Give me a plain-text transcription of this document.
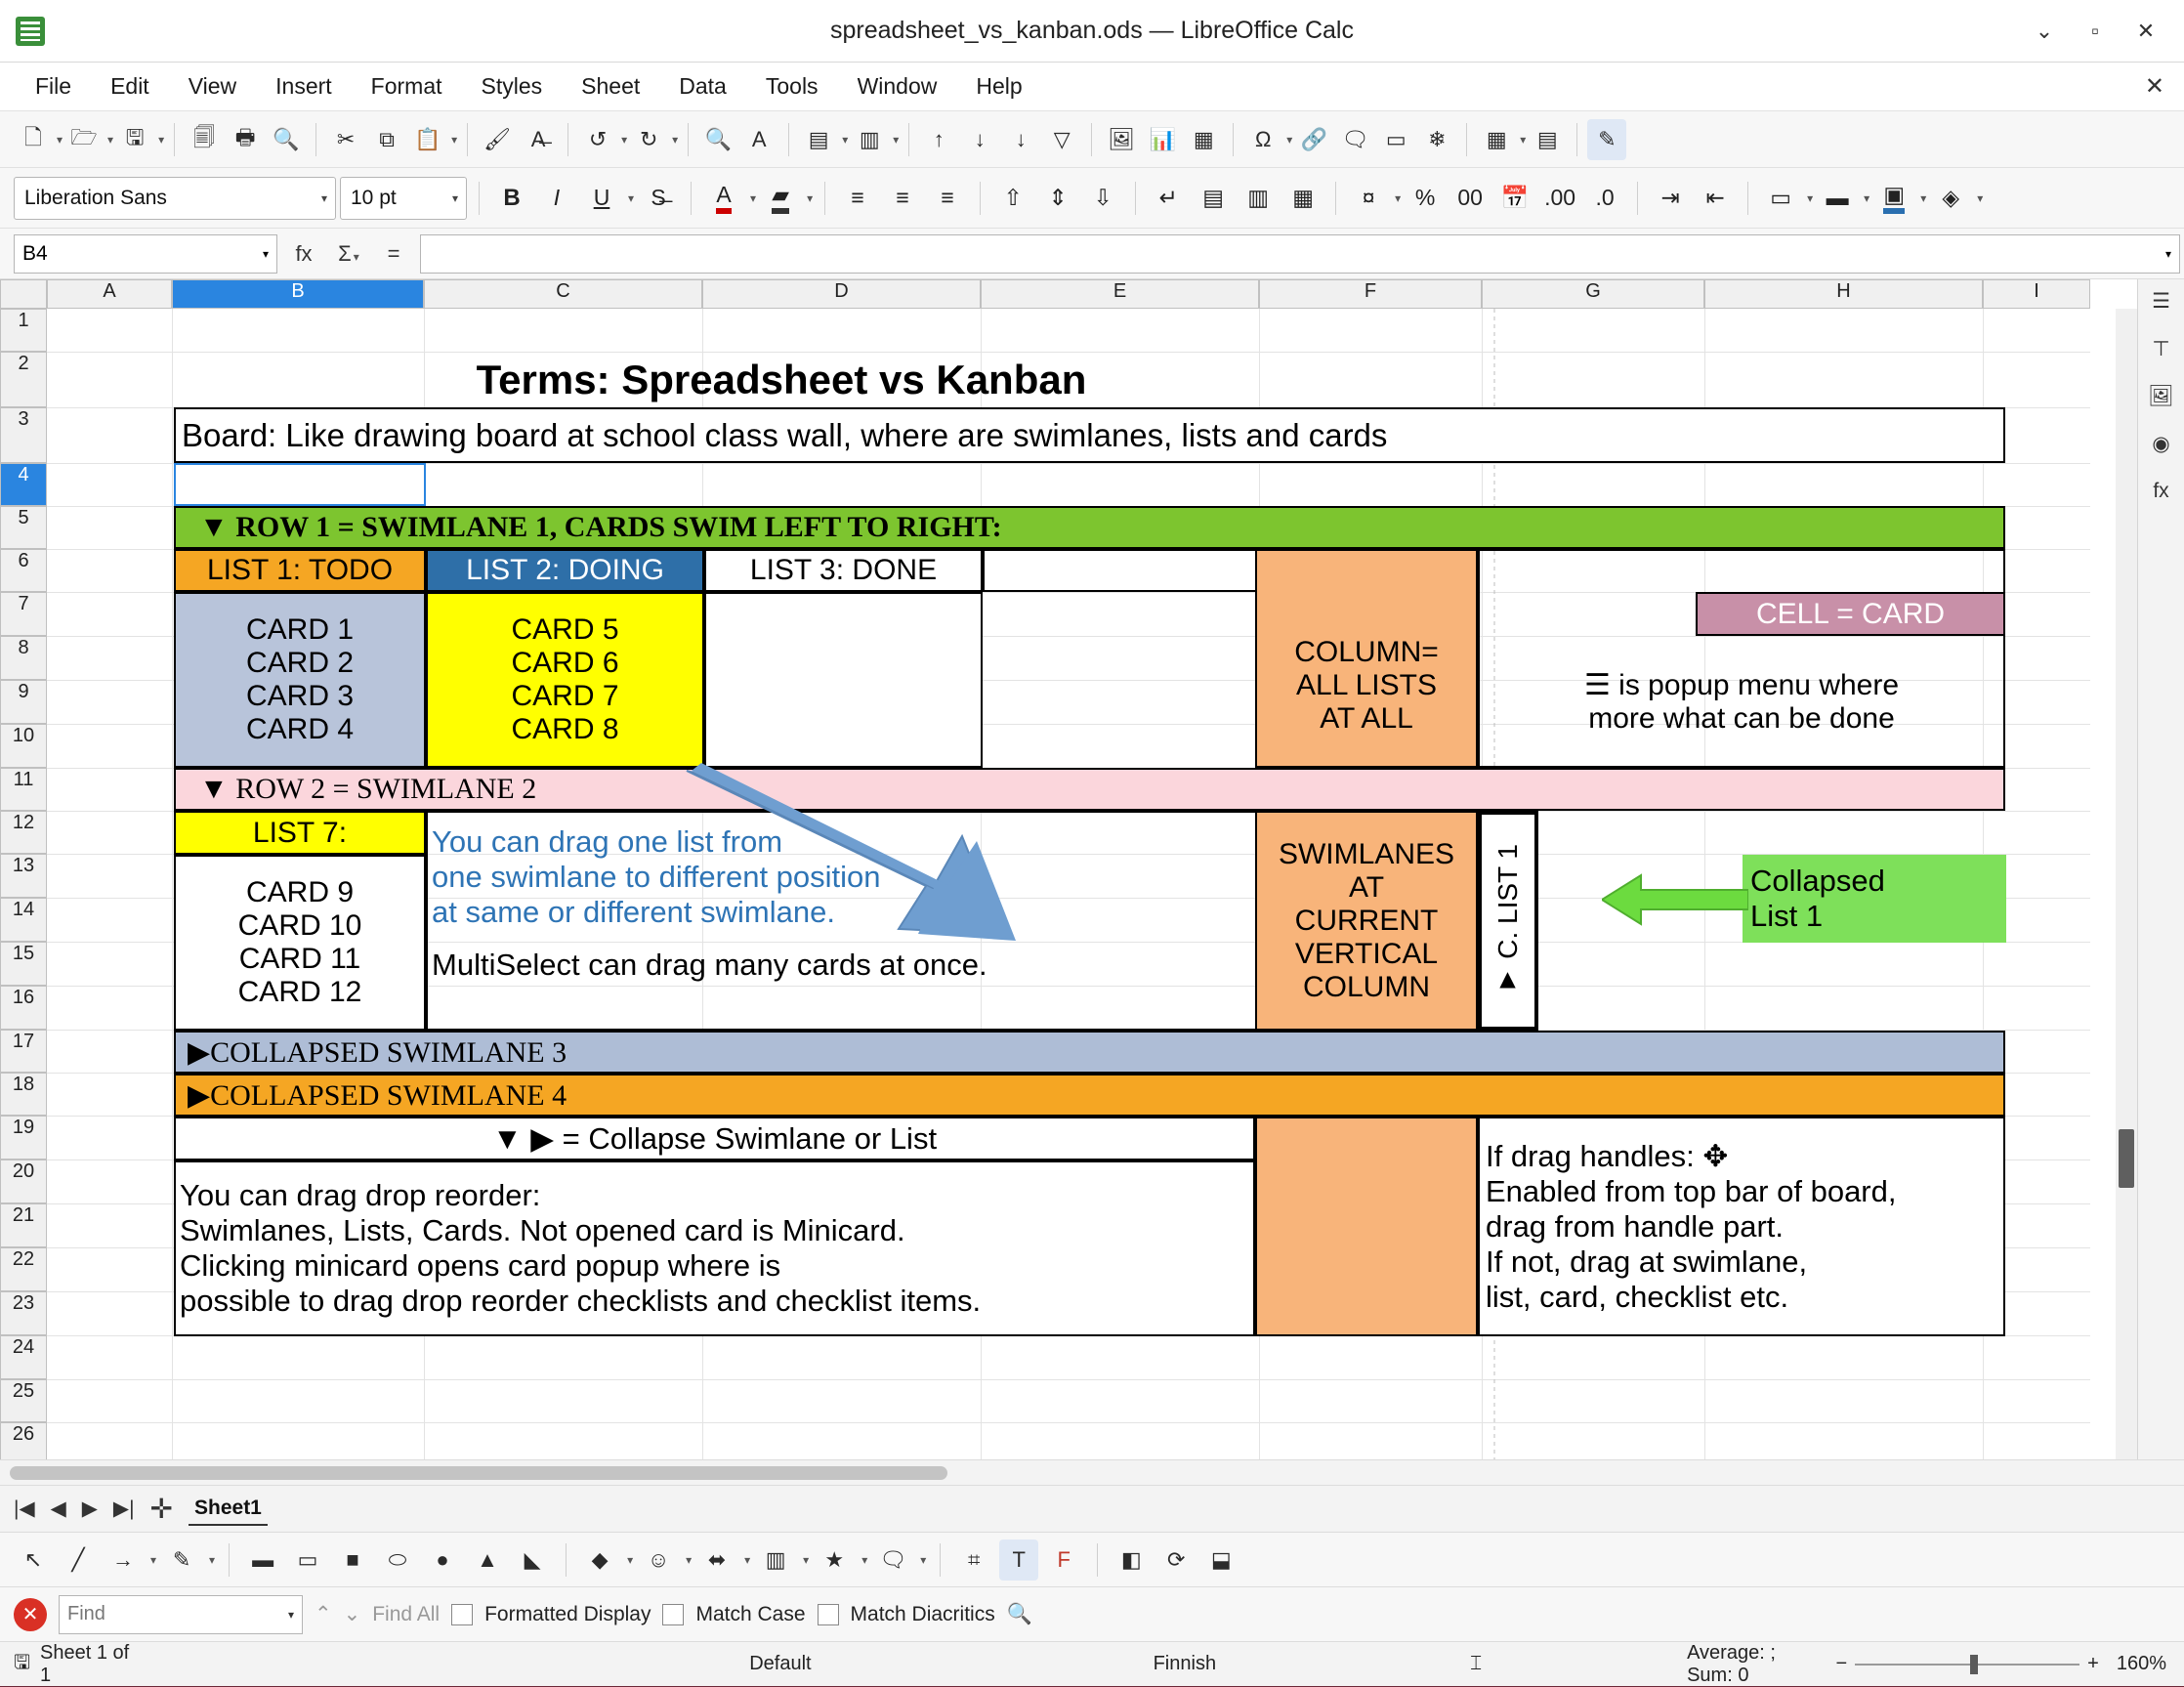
spreadsheet_vs_kanban.ods — LibreOffice Calc	⌄	▫	✕
File	Edit	View	Insert	Format	Styles	Sheet	Data	Tools	Window	Help	✕
🗋	▾ 🗁 ▾ 🖫	▾	🗐 🖶 🔍	✂	⧉ 📋 ▾ 🖌 A̶	↺	▾ ↻	▾ 🔍 A	▤	▾ ▥	▾	↑	↓	↓	▽	🖼 📊 ▦	Ω	▾ 🔗 🗨 ▭	❄	▦	▾ ▤	✎
Liberation Sans	▾ 10 pt	▾ B I U ▾ S̶	A ▾ ▰ ▾	≡	≡	≡	⇧	⇕	⇩	↵	▤	▥	▦	¤	▾ % 00 📅 .00 .0	⇥	⇤	▭	▾ ▬	▾ ▣ ▾ ◈	▾
B4	▾	fx	Σ ▾	=	▾
A	B	C	D	E	F	G	H	I
1
2
3
4
5
6
7
8
9
10
11
12
13
14
15
16
17
18
19
20
21
22
23
24
25
26
Terms: Spreadsheet vs Kanban
Board: Like drawing board at school class wall, where are swimlanes, lists and cards
▼ ROW 1 = SWIMLANE 1, CARDS SWIM LEFT TO RIGHT:
LIST 1: TODO	LIST 2: DOING	LIST 3: DONE
CARD 1
CARD 2
CARD 3
CARD 4
CARD 5
CARD 6
CARD 7
CARD 8
COLUMN=
ALL LISTS
AT ALL
CELL = CARD
☰ is popup menu where
more what can be done
▼ ROW 2 = SWIMLANE 2
LIST 7:
CARD 9
CARD 10
CARD 11
CARD 12
You can drag one list from
one swimlane to different position
at same or different swimlane.
MultiSelect can drag many cards at once.
SWIMLANES
AT
CURRENT
VERTICAL
COLUMN ▼ C. LIST 1	Collapsed
List 1
▶COLLAPSED SWIMLANE 3
▶COLLAPSED SWIMLANE 4
▼ ▶ = Collapse Swimlane or List
You can drag drop reorder:
Swimlanes, Lists, Cards. Not opened card is Minicard.
Clicking minicard opens card popup where is
possible to drag drop reorder checklists and checklist items.
If drag handles: ✥
Enabled from top bar of board,
drag from handle part.
If not, drag at swimlane,
list, card, checklist etc.
☰
⊤
🖼
◉
fx
|◀ ◀ ▶ ▶| ✛ Sheet1
↖	╱	→	▾ ✎	▾	▬	▭	■	⬭	●	▲	◣	◆	▾ ☺	▾ ⬌	▾ ▥	▾ ★	▾ 🗨	▾	⌗	T	F	◧	⟳	⬓
✕	Find	▾ ⌃ ⌄ Find All Formatted Display Match Case Match Diacritics 🔍
🖫 Sheet 1 of 1
Default	Finnish	⌶
Average: ; Sum: 0
−	+ 160%
